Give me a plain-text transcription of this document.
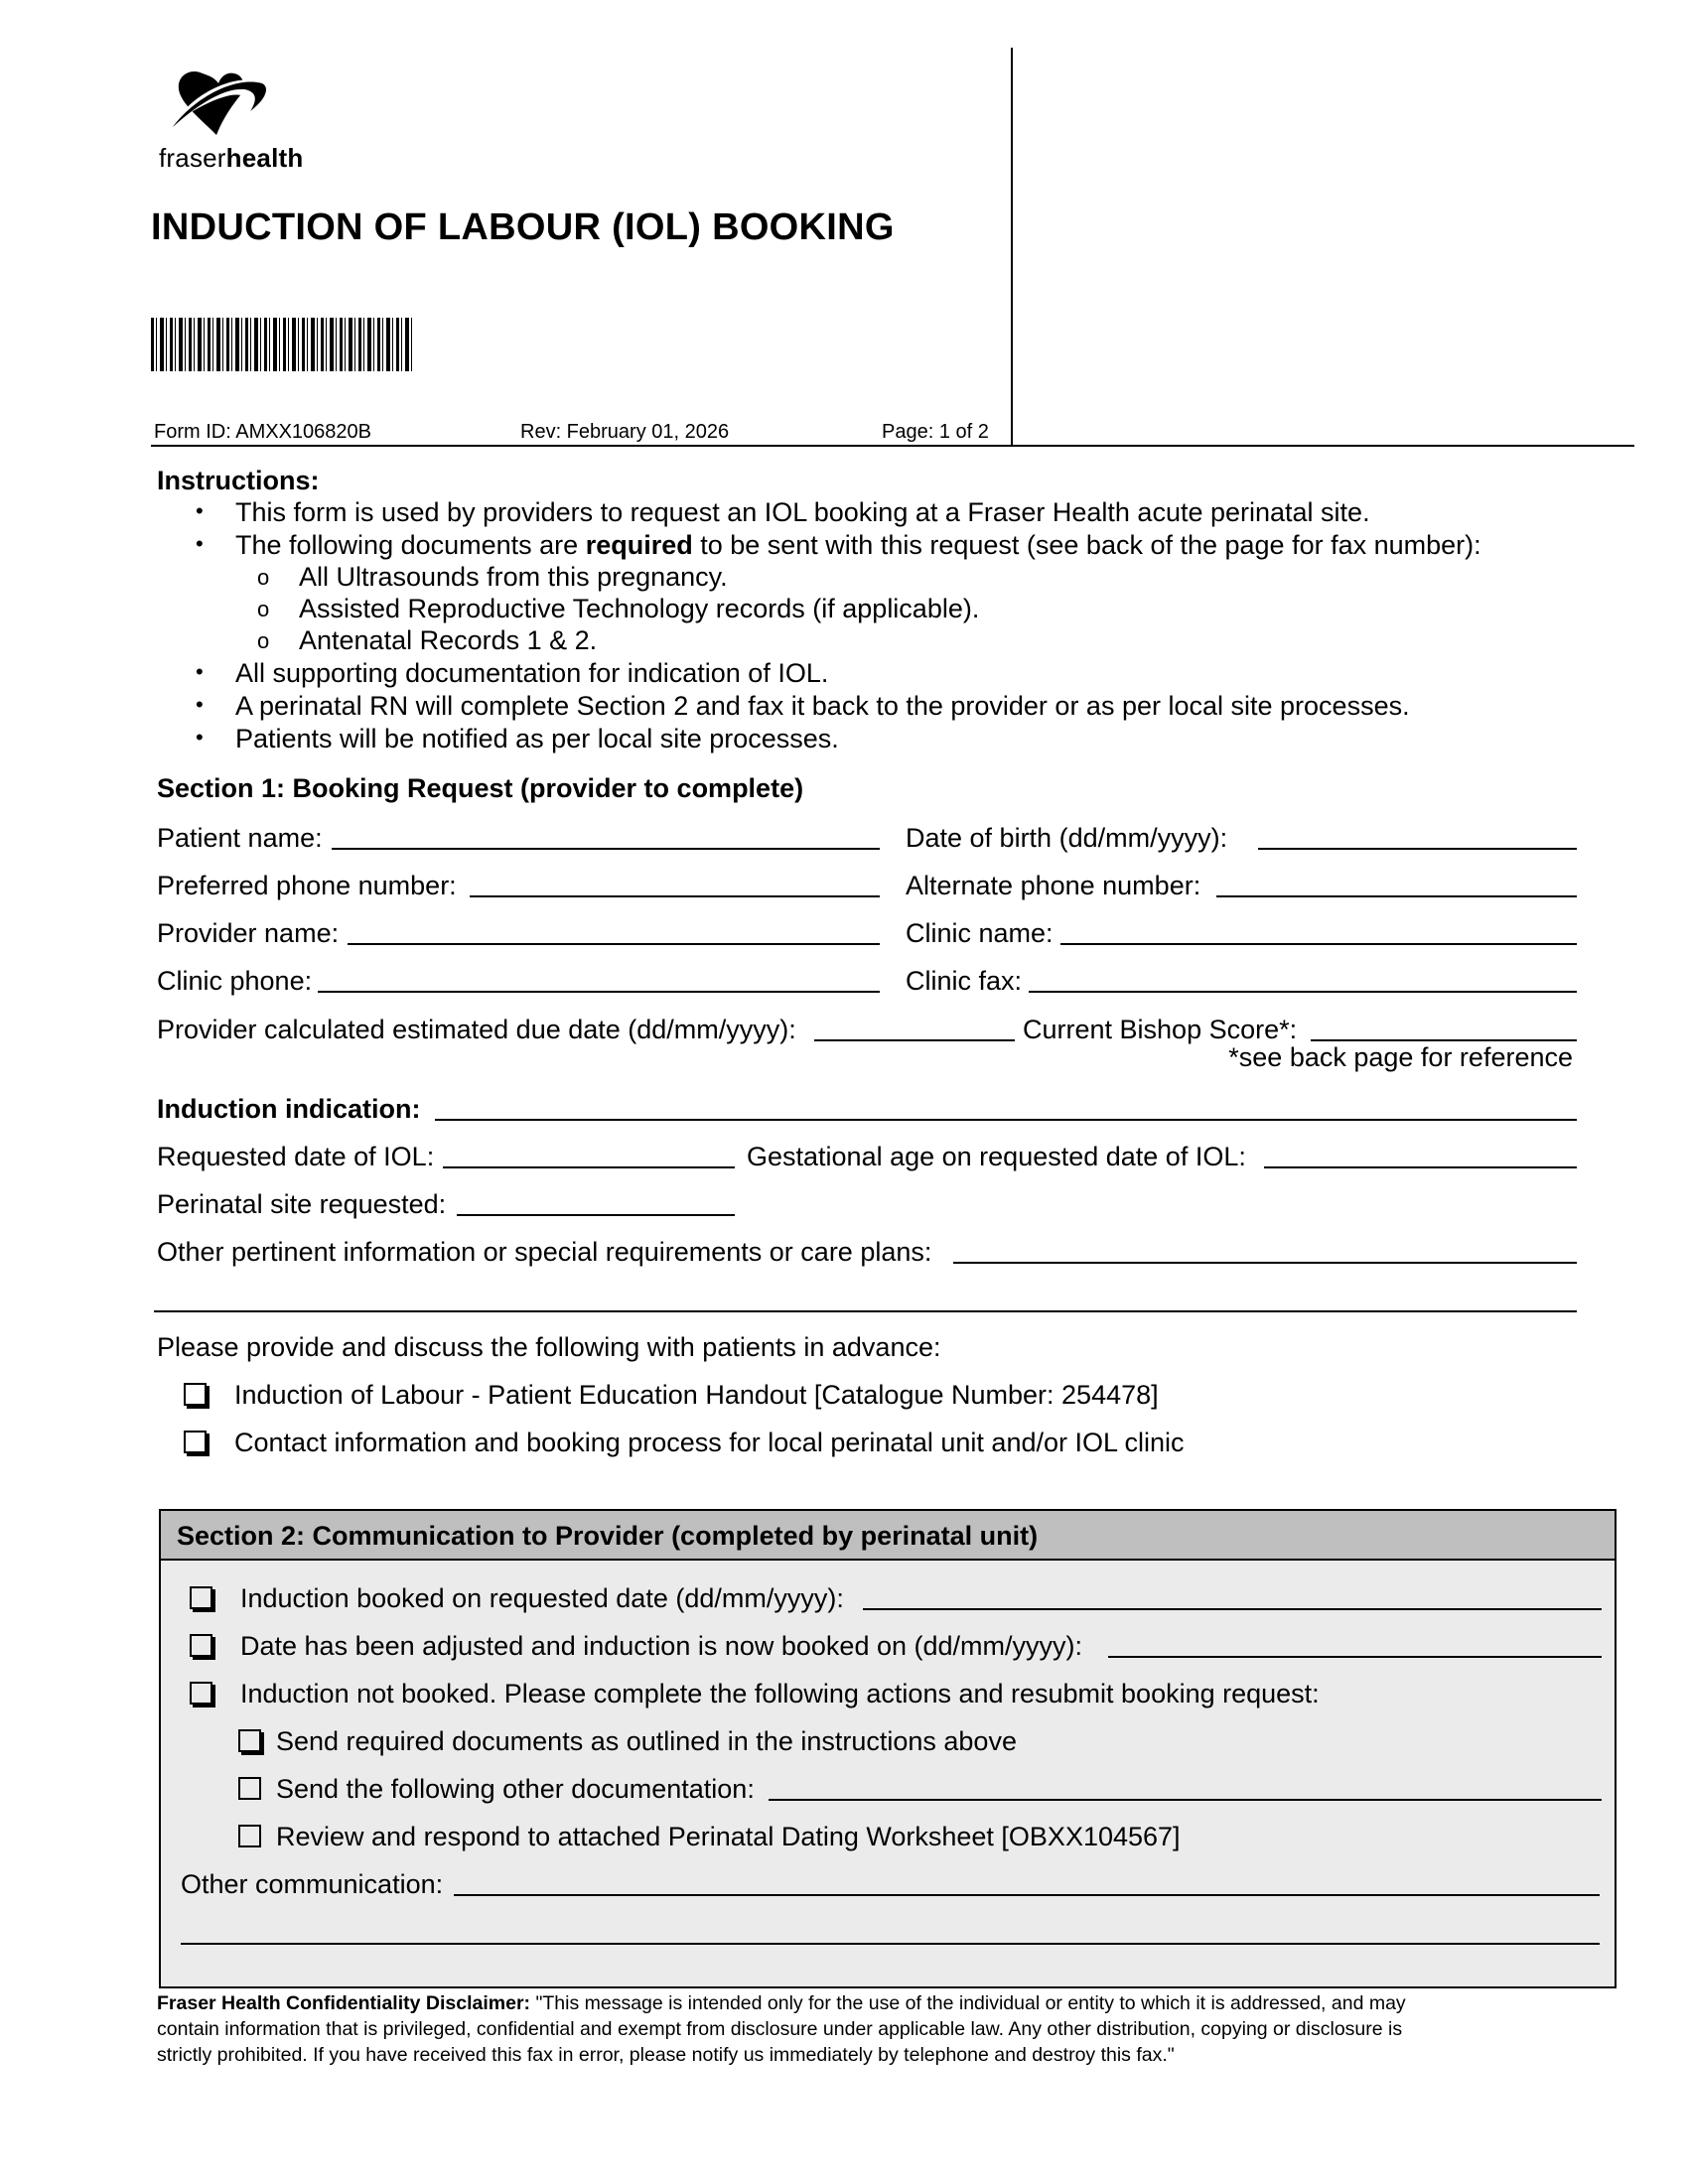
fraserhealth
INDUCTION OF LABOUR (IOL) BOOKING
Form ID: AMXX106820B	Rev: February 01, 2026	Page: 1 of 2
Instructions:
• This form is used by providers to request an IOL booking at a Fraser Health acute perinatal site.
• The following documents are required to be sent with this request (see back of the page for fax number):
o All Ultrasounds from this pregnancy.
o Assisted Reproductive Technology records (if applicable).
o Antenatal Records 1 & 2.
• All supporting documentation for indication of IOL.
• A perinatal RN will complete Section 2 and fax it back to the provider or as per local site processes.
• Patients will be notified as per local site processes.
Section 1: Booking Request (provider to complete)
Patient name:	Date of birth (dd/mm/yyyy):
Preferred phone number:	Alternate phone number:
Provider name:	Clinic name:
Clinic phone:	Clinic fax:
Provider calculated estimated due date (dd/mm/yyyy):	Current Bishop Score*:
*see back page for reference
Induction indication:
Requested date of IOL:	Gestational age on requested date of IOL:
Perinatal site requested:
Other pertinent information or special requirements or care plans:
Please provide and discuss the following with patients in advance:
Induction of Labour - Patient Education Handout [Catalogue Number: 254478]
Contact information and booking process for local perinatal unit and/or IOL clinic
Section 2: Communication to Provider (completed by perinatal unit)
Induction booked on requested date (dd/mm/yyyy):
Date has been adjusted and induction is now booked on (dd/mm/yyyy):
Induction not booked. Please complete the following actions and resubmit booking request:
Send required documents as outlined in the instructions above
Send the following other documentation:
Review and respond to attached Perinatal Dating Worksheet [OBXX104567]
Other communication:
Fraser Health Confidentiality Disclaimer: "This message is intended only for the use of the individual or entity to which it is addressed, and may
contain information that is privileged, confidential and exempt from disclosure under applicable law. Any other distribution, copying or disclosure is
strictly prohibited. If you have received this fax in error, please notify us immediately by telephone and destroy this fax."
